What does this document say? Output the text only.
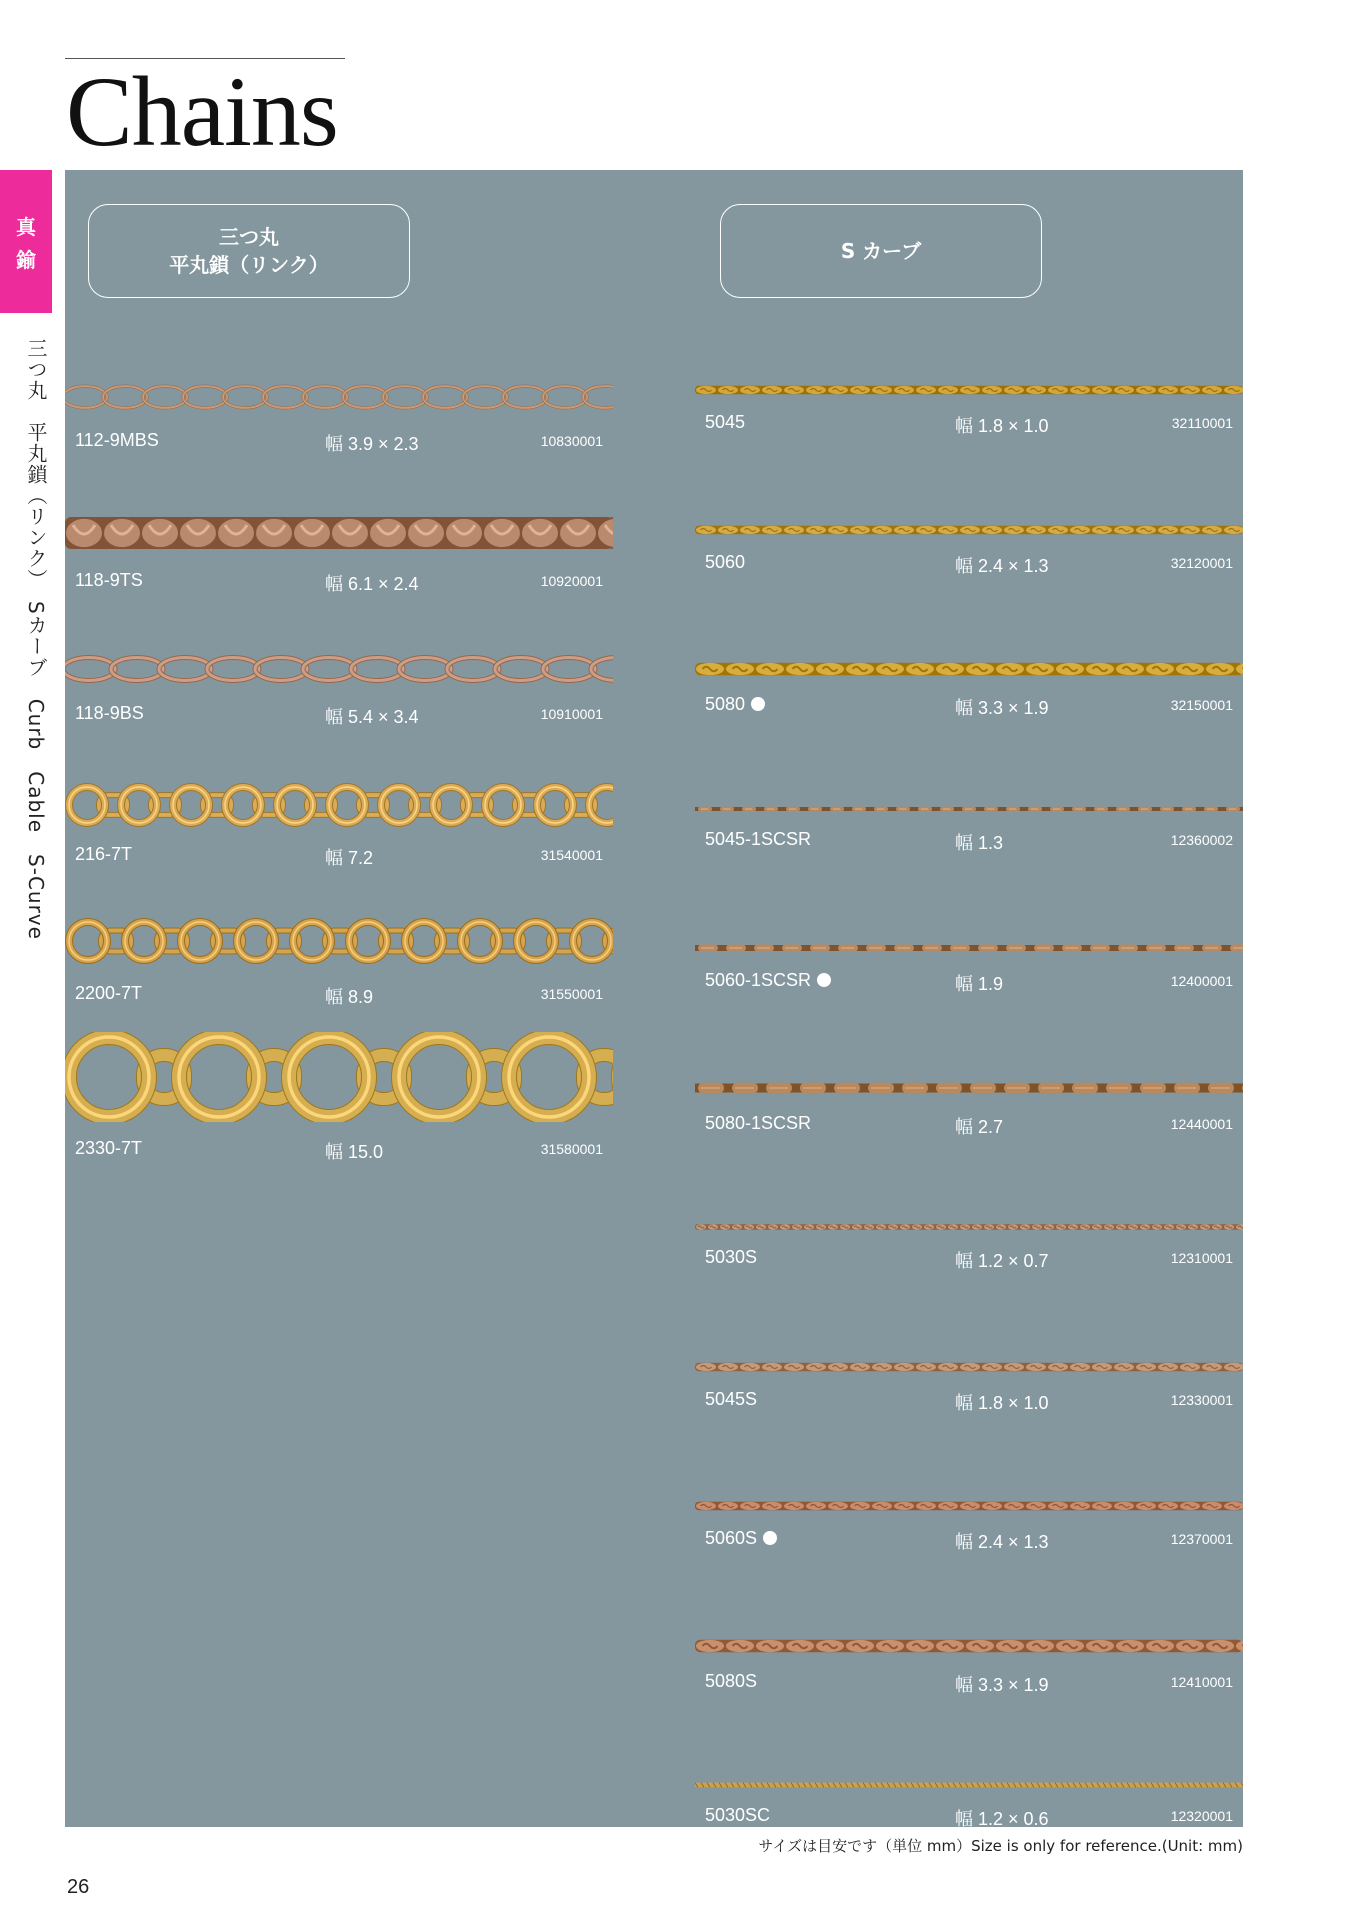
Chains
真
鍮
三つ丸　平丸鎖（リンク）　Sカーブ　Curb　Cable　S-Curve
三つ丸
平丸鎖（リンク）
S カーブ
112-9MBS	幅 3.9 × 2.3	10830001
118-9TS	幅 6.1 × 2.4	10920001
118-9BS	幅 5.4 × 3.4	10910001
216-7T	幅 7.2	31540001
2200-7T	幅 8.9	31550001
2330-7T	幅 15.0	31580001
5045	幅 1.8 × 1.0	32110001
5060	幅 2.4 × 1.3	32120001
5080	幅 3.3 × 1.9	32150001
5045-1SCSR	幅 1.3	12360002
5060-1SCSR	幅 1.9	12400001
5080-1SCSR	幅 2.7	12440001
5030S	幅 1.2 × 0.7	12310001
5045S	幅 1.8 × 1.0	12330001
5060S	幅 2.4 × 1.3	12370001
5080S	幅 3.3 × 1.9	12410001
5030SC	幅 1.2 × 0.6	12320001
サイズは目安です（単位 mm）Size is only for reference.(Unit: mm)
26
